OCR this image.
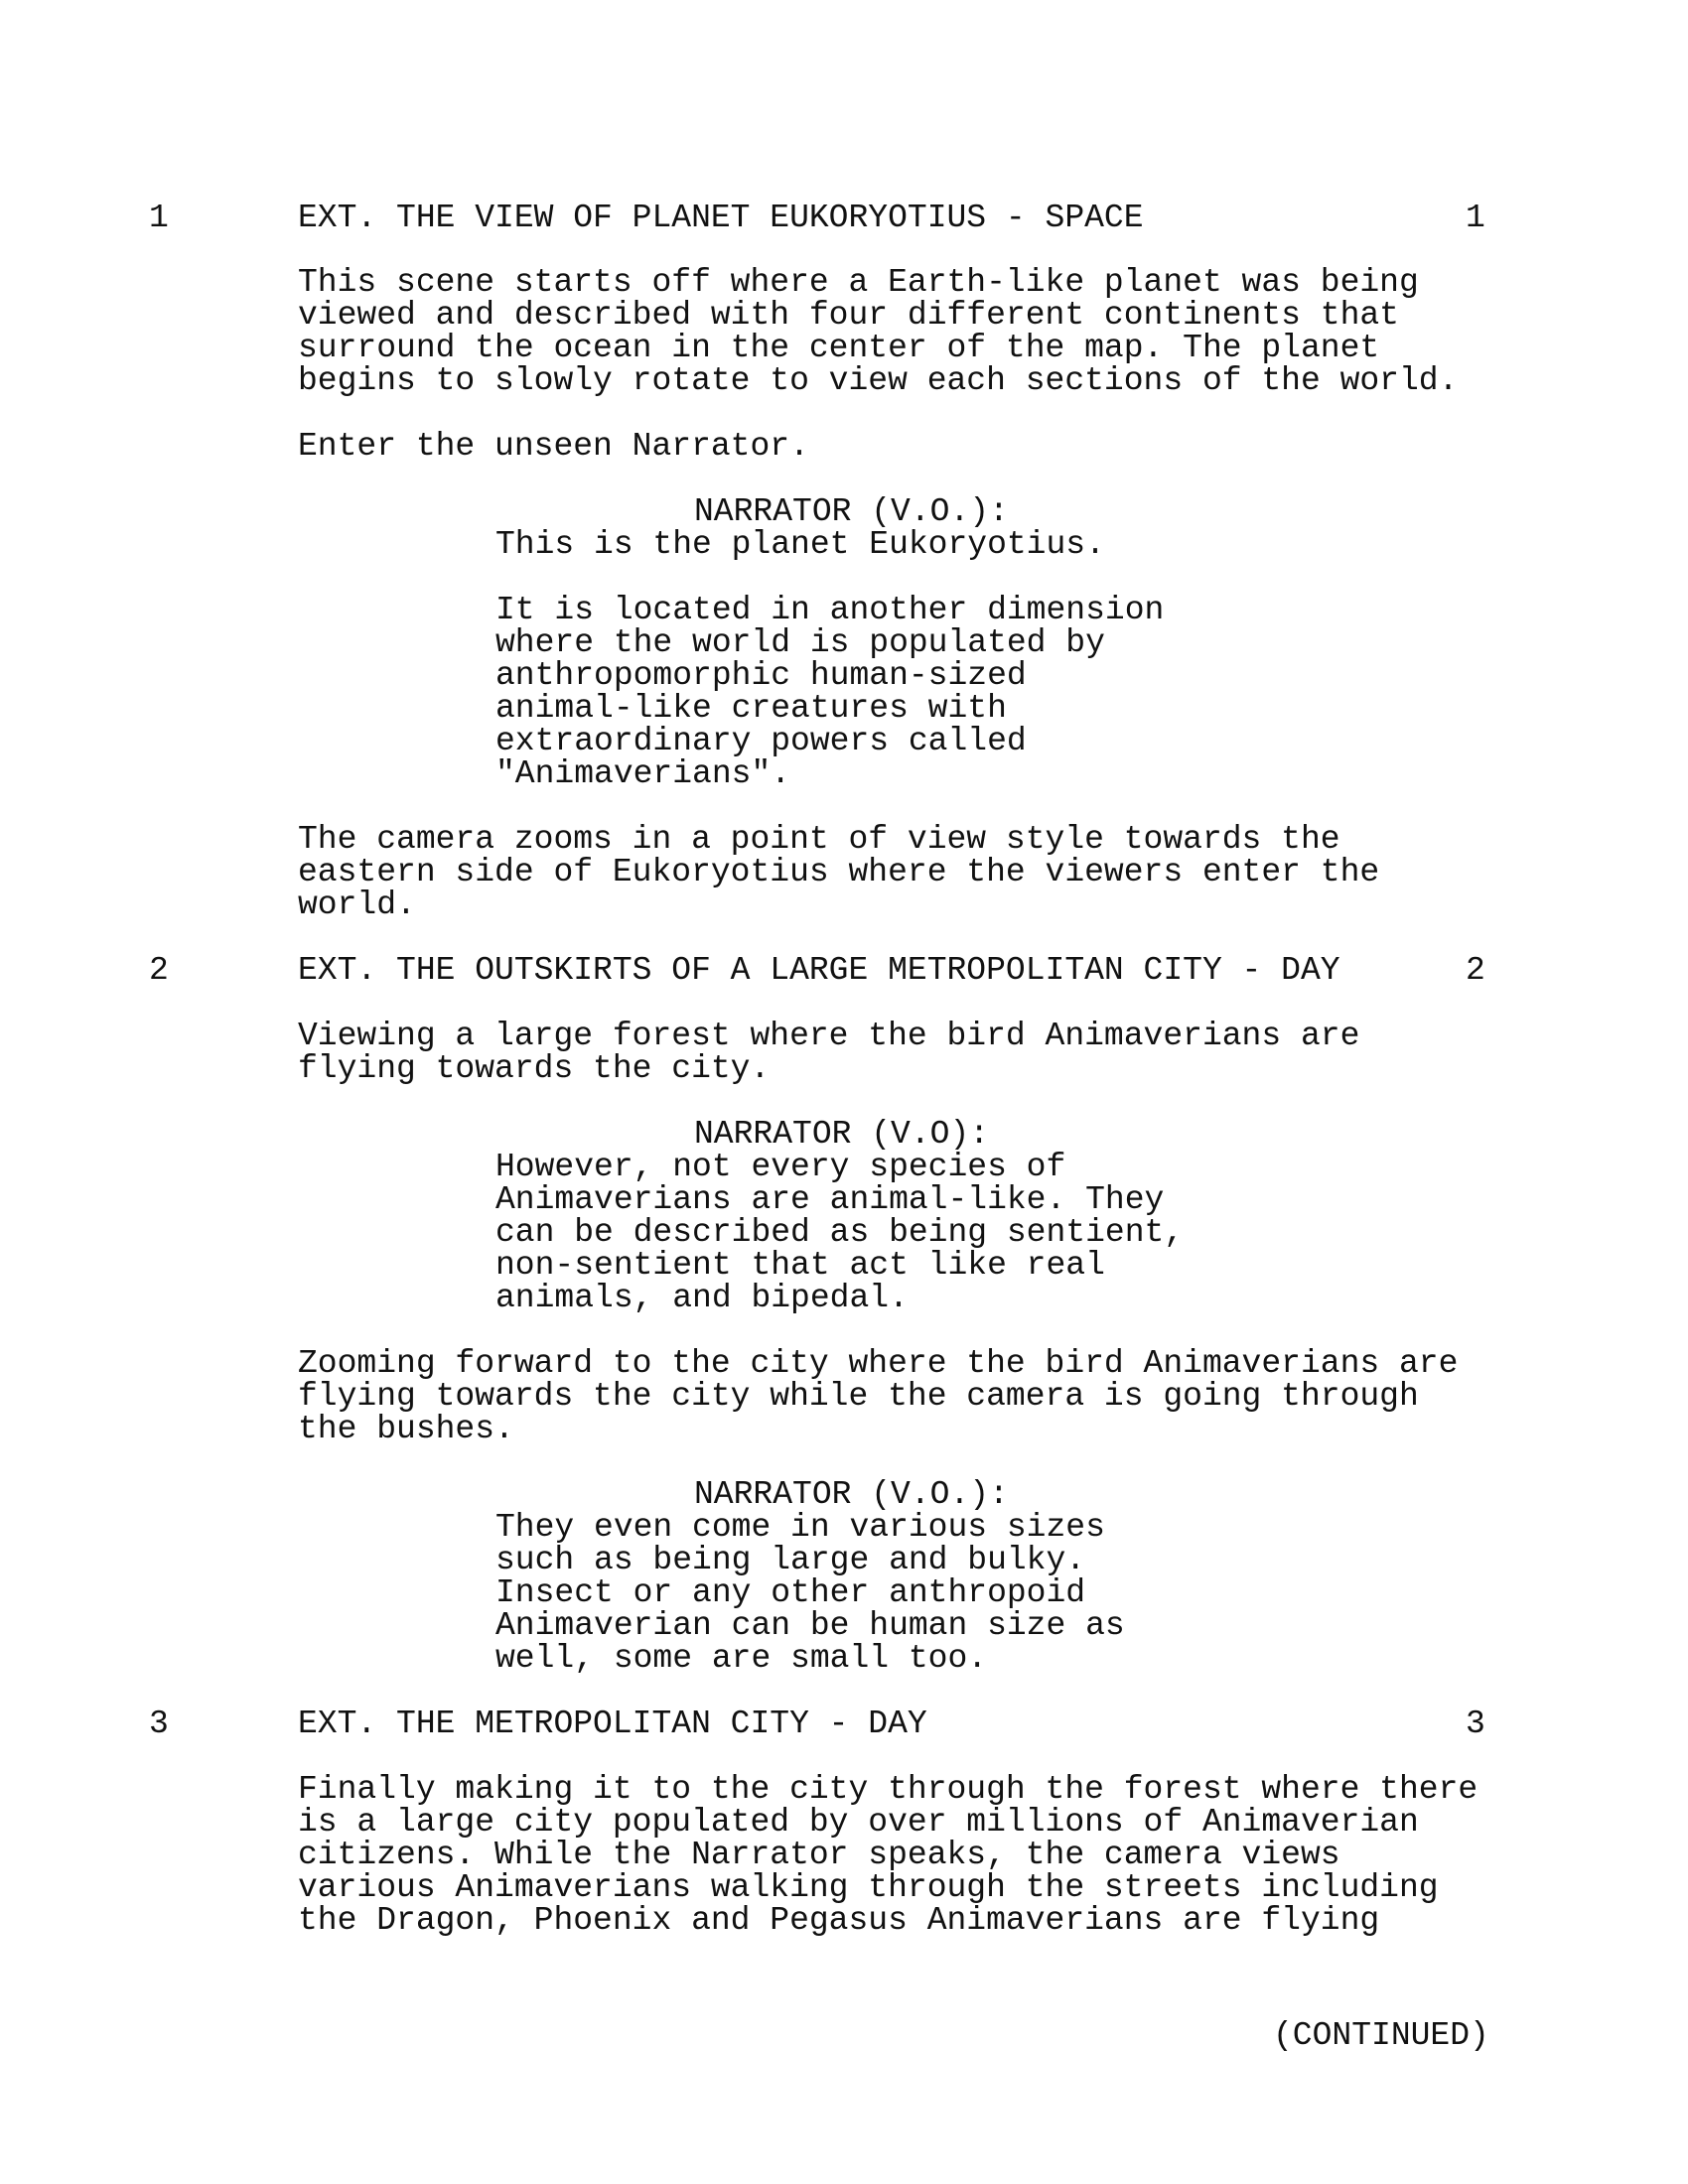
1	EXT. THE VIEW OF PLANET EUKORYOTIUS - SPACE	1
This scene starts off where a Earth-like planet was being
viewed and described with four different continents that
surround the ocean in the center of the map. The planet
begins to slowly rotate to view each sections of the world.
Enter the unseen Narrator.
NARRATOR (V.O.):
This is the planet Eukoryotius.
It is located in another dimension
where the world is populated by
anthropomorphic human-sized
animal-like creatures with
extraordinary powers called
"Animaverians".
The camera zooms in a point of view style towards the
eastern side of Eukoryotius where the viewers enter the
world.
2	EXT. THE OUTSKIRTS OF A LARGE METROPOLITAN CITY - DAY	2
Viewing a large forest where the bird Animaverians are
flying towards the city.
NARRATOR (V.O):
However, not every species of
Animaverians are animal-like. They
can be described as being sentient,
non-sentient that act like real
animals, and bipedal.
Zooming forward to the city where the bird Animaverians are
flying towards the city while the camera is going through
the bushes.
NARRATOR (V.O.):
They even come in various sizes
such as being large and bulky.
Insect or any other anthropoid
Animaverian can be human size as
well, some are small too.
3	EXT. THE METROPOLITAN CITY - DAY	3
Finally making it to the city through the forest where there
is a large city populated by over millions of Animaverian
citizens. While the Narrator speaks, the camera views
various Animaverians walking through the streets including
the Dragon, Phoenix and Pegasus Animaverians are flying
(CONTINUED)
